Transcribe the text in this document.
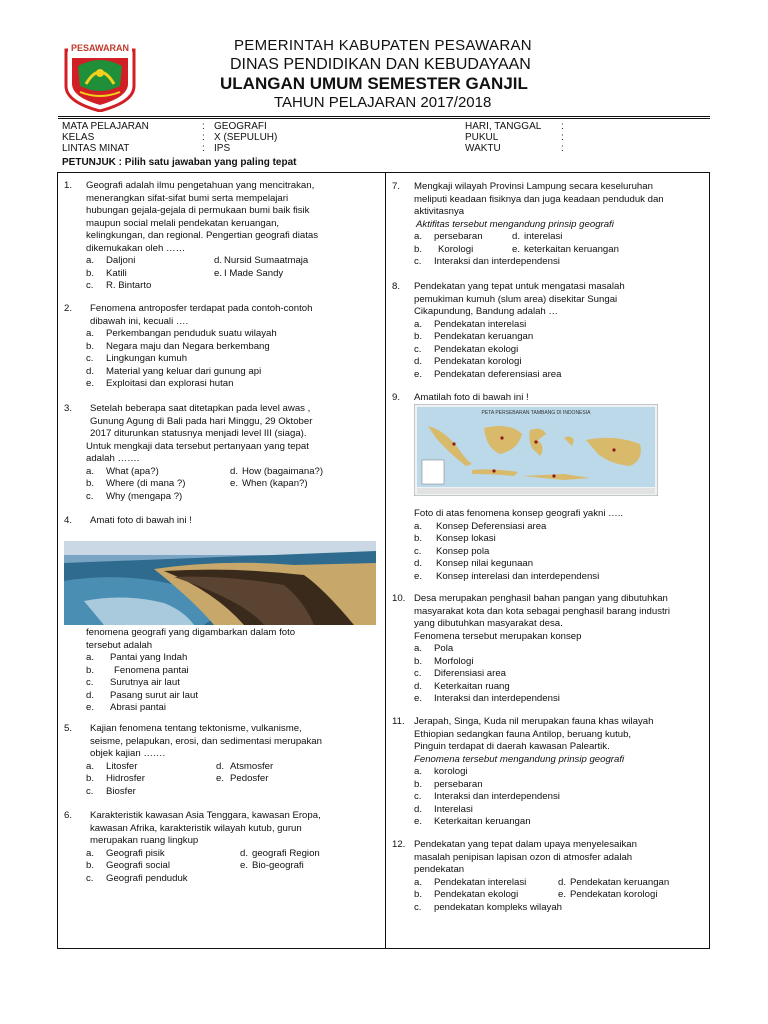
PESAWARAN	PEMERINTAH KABUPATEN PESAWARAN
DINAS PENDIDIKAN DAN KEBUDAYAAN
ULANGAN UMUM SEMESTER GANJIL
TAHUN PELAJARAN 2017/2018
MATA PELAJARAN	: GEOGRAFI
KELAS	: X (SEPULUH)
LINTAS MINAT	: IPS
HARI, TANGGAL :
PUKUL	:
WAKTU	:
PETUNJUK : Pilih satu jawaban yang paling tepat
1. Geografi adalah ilmu pengetahuan yang mencitrakan,
menerangkan sifat-sifat bumi serta mempelajari
hubungan gejala-gejala di permukaan bumi baik fisik
maupun social melali pendekatan keruangan,
kelingkungan, dan regional. Pengertian geografi diatas
dikemukakan oleh ……
a. Daljoni	d. Nursid Sumaatmaja
b. Katili	e. I Made Sandy
c. R. Bintarto
2. Fenomena antroposfer terdapat pada contoh-contoh
dibawah ini, kecuali ….
a. Perkembangan penduduk suatu wilayah
b. Negara maju dan Negara berkembang
c. Lingkungan kumuh
d. Material yang keluar dari gunung api
e. Exploitasi dan explorasi hutan
3. Setelah beberapa saat ditetapkan pada level awas ,
Gunung Agung di Bali pada hari Minggu, 29 Oktober
2017 diturunkan statusnya menjadi level III (siaga).
Untuk mengkaji data tersebut pertanyaan yang tepat
adalah …….
a. What (apa?)	d. How (bagaimana?)
b. Where (di mana ?)	e. When (kapan?)
c. Why (mengapa ?)
4. Amati foto di bawah ini !
fenomena geografi yang digambarkan dalam foto
tersebut adalah
a. Pantai yang Indah
b. Fenomena pantai
c. Surutnya air laut
d. Pasang surut air laut
e. Abrasi pantai
5. Kajian fenomena tentang tektonisme, vulkanisme,
seisme, pelapukan, erosi, dan sedimentasi merupakan
objek kajian …….
a. Litosfer	d. Atsmosfer
b. Hidrosfer	e. Pedosfer
c. Biosfer
6. Karakteristik kawasan Asia Tenggara, kawasan Eropa,
kawasan Afrika, karakteristik wilayah kutub, gurun
merupakan ruang lingkup
a. Geografi pisik	d. geografi Region
b. Geografi social	e. Bio-geografi
c. Geografi penduduk
7. Mengkaji wilayah Provinsi Lampung secara keseluruhan
meliputi keadaan fisiknya dan juga keadaan penduduk dan
aktivitasnya
Aktifitas tersebut mengandung prinsip geografi
a. persebaran	d. interelasi
b. Korologi	e. keterkaitan keruangan
c. Interaksi dan interdependensi
8. Pendekatan yang tepat untuk mengatasi masalah
pemukiman kumuh (slum area) disekitar Sungai
Cikapundung, Bandung adalah …
a. Pendekatan interelasi
b. Pendekatan keruangan
c. Pendekatan ekologi
d. Pendekatan korologi
e. Pendekatan deferensiasi area
9. Amatilah foto di bawah ini !
PETA PERSEBARAN TAMBANG DI INDONESIA
Foto di atas fenomena konsep geografi yakni …..
a. Konsep Deferensiasi area
b. Konsep lokasi
c. Konsep pola
d. Konsep nilai kegunaan
e. Konsep interelasi dan interdependensi
10. Desa merupakan penghasil bahan pangan yang dibutuhkan
masyarakat kota dan kota sebagai penghasil barang industri
yang dibutuhkan masyarakat desa.
Fenomena tersebut merupakan konsep
a. Pola
b. Morfologi
c. Diferensiasi area
d. Keterkaitan ruang
e. Interaksi dan interdependensi
11. Jerapah, Singa, Kuda nil merupakan fauna khas wilayah
Ethiopian sedangkan fauna Antilop, beruang kutub,
Pinguin terdapat di daerah kawasan Paleartik.
Fenomena tersebut mengandung prinsip geografi
a. korologi
b. persebaran
c. Interaksi dan interdependensi
d. Interelasi
e. Keterkaitan keruangan
12. Pendekatan yang tepat dalam upaya menyelesaikan
masalah penipisan lapisan ozon di atmosfer adalah
pendekatan
a. Pendekatan interelasi	d. Pendekatan keruangan
b. Pendekatan ekologi	e. Pendekatan korologi
c. pendekatan kompleks wilayah
